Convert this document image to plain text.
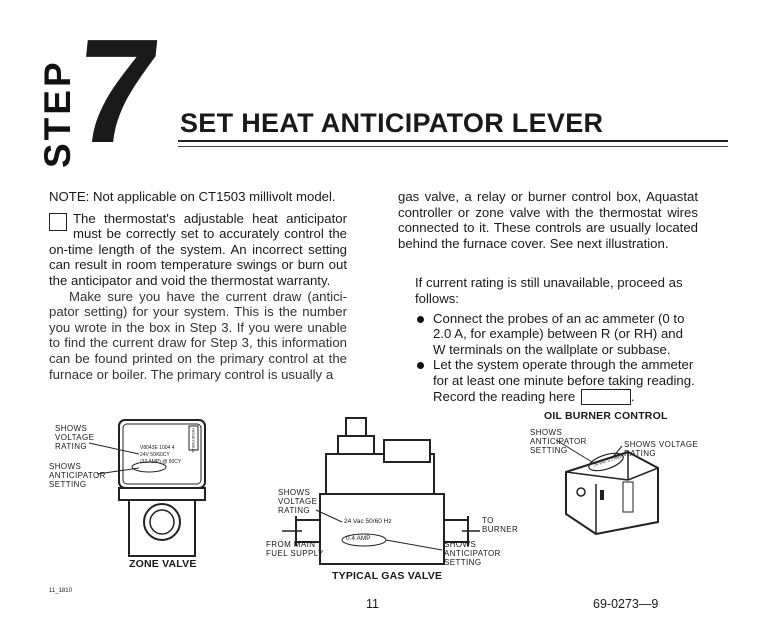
STEP
7 SET HEAT ANTICIPATOR LEVER
NOTE: Not applicable on CT1503 millivolt model.
The thermostat's adjustable heat anticipator must be correctly set to accurately control the on-time length of the system. An incorrect setting can result in room temperature swings or burn out the anticipator and void the thermostat warranty.
Make sure you have the current draw (antici-pator setting) for your system. This is the number you wrote in the box in Step 3. If you were unable to find the current draw for Step 3, this information can be found printed on the primary control at the furnace or boiler. The primary control is usually a
gas valve, a relay or burner control box, Aquastat controller or zone valve with the thermostat wires connected to it. These controls are usually located behind the furnace cover. See next illustration.
If current rating is still unavailable, proceed as follows:
Connect the probes of an ac ammeter (0 to 2.0 A, for example) between R (or RH) and W terminals on the wallplate or subbase.
Let the system operate through the ammeter for at least one minute before taking reading. Record the reading here	.
SHOWS
VOLTAGE
RATING
SHOWS
ANTICIPATOR
SETTING
V8043E 1004 4
24V 50/60CY
(32 AMP) @ 60CY
HONEYWELL
ZONE VALVE
SHOWS
VOLTAGE
RATING
24 Vac 50/60 Hz
0.4 AMP
FROM MAIN
FUEL SUPPLY
TO
BURNER
SHOWS
ANTICIPATOR
SETTING
TYPICAL GAS VALVE
OIL BURNER CONTROL
SHOWS
ANTICIPATOR
SETTING
SHOWS VOLTAGE
RATING
24 VAC 0.2 AMP
11_1810
11	69-0273—9
